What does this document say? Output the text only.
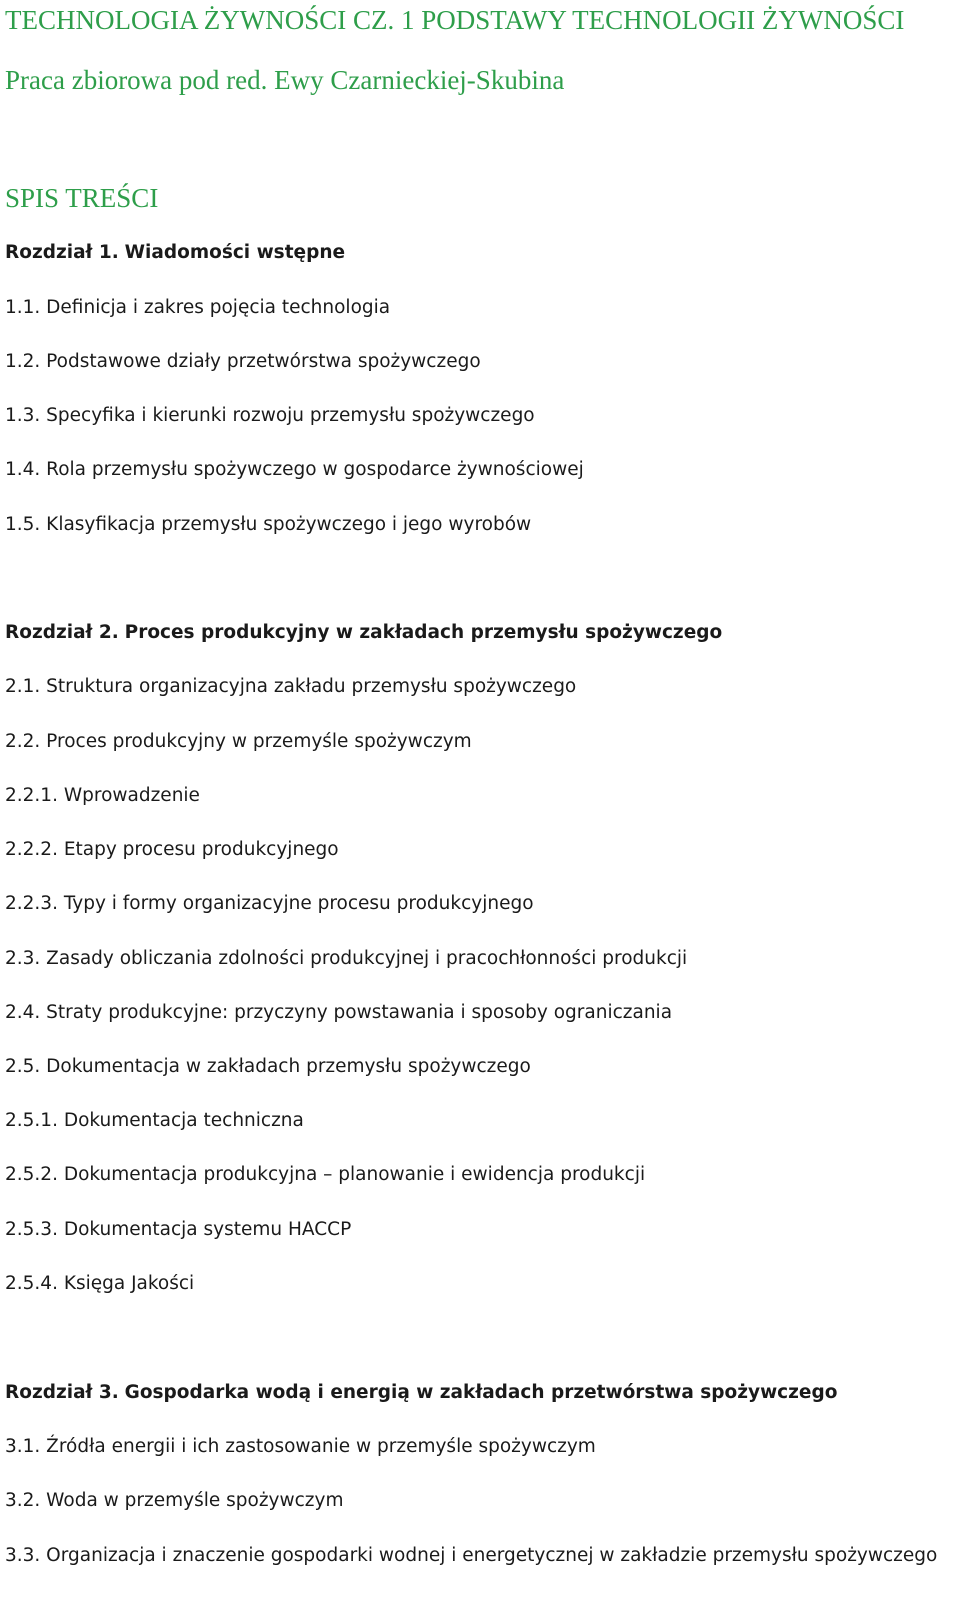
TECHNOLOGIA ŻYWNOŚCI CZ. 1 PODSTAWY TECHNOLOGII ŻYWNOŚCI

Praca zbiorowa pod red. Ewy Czarnieckiej-Skubina

SPIS TREŚCI

Rozdział 1. Wiadomości wstępne

1.1. Definicja i zakres pojęcia technologia

1.2. Podstawowe działy przetwórstwa spożywczego

1.3. Specyfika i kierunki rozwoju przemysłu spożywczego

1.4. Rola przemysłu spożywczego w gospodarce żywnościowej

1.5. Klasyfikacja przemysłu spożywczego i jego wyrobów

Rozdział 2. Proces produkcyjny w zakładach przemysłu spożywczego

2.1. Struktura organizacyjna zakładu przemysłu spożywczego

2.2. Proces produkcyjny w przemyśle spożywczym

2.2.1. Wprowadzenie

2.2.2. Etapy procesu produkcyjnego

2.2.3. Typy i formy organizacyjne procesu produkcyjnego

2.3. Zasady obliczania zdolności produkcyjnej i pracochłonności produkcji

2.4. Straty produkcyjne: przyczyny powstawania i sposoby ograniczania

2.5. Dokumentacja w zakładach przemysłu spożywczego

2.5.1. Dokumentacja techniczna

2.5.2. Dokumentacja produkcyjna – planowanie i ewidencja produkcji

2.5.3. Dokumentacja systemu HACCP

2.5.4. Księga Jakości

Rozdział 3. Gospodarka wodą i energią w zakładach przetwórstwa spożywczego

3.1. Źródła energii i ich zastosowanie w przemyśle spożywczym

3.2. Woda w przemyśle spożywczym

3.3. Organizacja i znaczenie gospodarki wodnej i energetycznej w zakładzie przemysłu spożywczego
